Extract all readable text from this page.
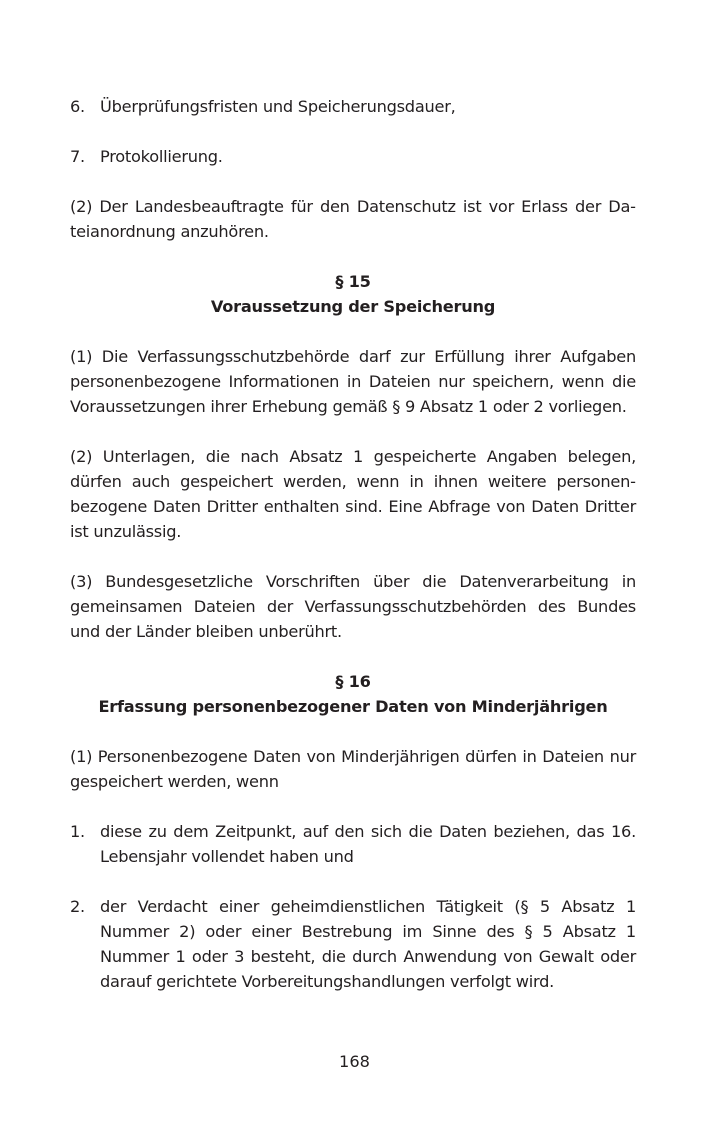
6. Überprüfungsfristen und Speicherungsdauer,
7. Protokollierung.

(2) Der Landesbeauftragte für den Datenschutz ist vor Erlass der Dateianordnung anzuhören.

§ 15
Voraussetzung der Speicherung

(1) Die Verfassungsschutzbehörde darf zur Erfüllung ihrer Aufgaben personenbezogene Informationen in Dateien nur speichern, wenn die Voraussetzungen ihrer Erhebung gemäß § 9 Absatz 1 oder 2 vorliegen.

(2) Unterlagen, die nach Absatz 1 gespeicherte Angaben belegen, dürfen auch gespeichert werden, wenn in ihnen weitere personenbezogene Daten Dritter enthalten sind. Eine Abfrage von Daten Dritter ist unzulässig.

(3) Bundesgesetzliche Vorschriften über die Datenverarbeitung in gemeinsamen Dateien der Verfassungsschutzbehörden des Bundes und der Länder bleiben unberührt.

§ 16
Erfassung personenbezogener Daten von Minderjährigen

(1) Personenbezogene Daten von Minderjährigen dürfen in Dateien nur gespeichert werden, wenn

1. diese zu dem Zeitpunkt, auf den sich die Daten beziehen, das 16. Lebensjahr vollendet haben und
2. der Verdacht einer geheimdienstlichen Tätigkeit (§ 5 Absatz 1 Nummer 2) oder einer Bestrebung im Sinne des § 5 Absatz 1 Nummer 1 oder 3 besteht, die durch Anwendung von Gewalt oder darauf gerichtete Vorbereitungshandlungen verfolgt wird.
168
